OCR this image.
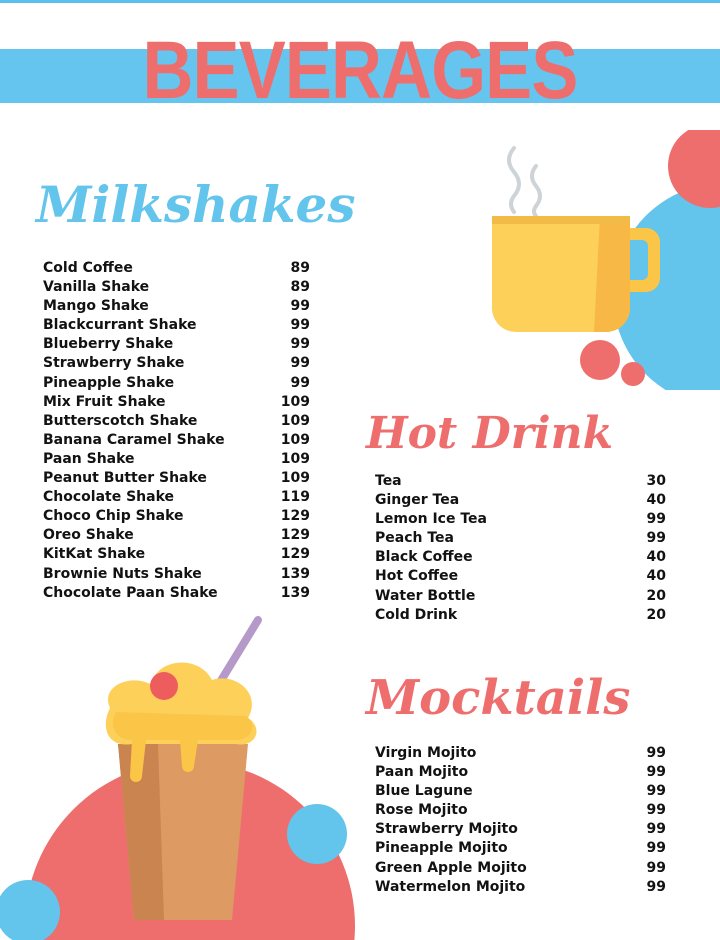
BEVERAGES
Milkshakes
Hot Drink
Mocktails
Cold Coffee	89
Vanilla Shake	89
Mango Shake	99
Blackcurrant Shake	99
Blueberry Shake	99
Strawberry Shake	99
Pineapple Shake	99
Mix Fruit Shake	109
Butterscotch Shake	109
Banana Caramel Shake	109
Paan Shake	109
Peanut Butter Shake	109
Chocolate Shake	119
Choco Chip Shake	129
Oreo Shake	129
KitKat Shake	129
Brownie Nuts Shake	139
Chocolate Paan Shake	139
Tea	30
Ginger Tea	40
Lemon Ice Tea	99
Peach Tea	99
Black Coffee	40
Hot Coffee	40
Water Bottle	20
Cold Drink	20
Virgin Mojito	99
Paan Mojito	99
Blue Lagune	99
Rose Mojito	99
Strawberry Mojito	99
Pineapple Mojito	99
Green Apple Mojito	99
Watermelon Mojito	99
